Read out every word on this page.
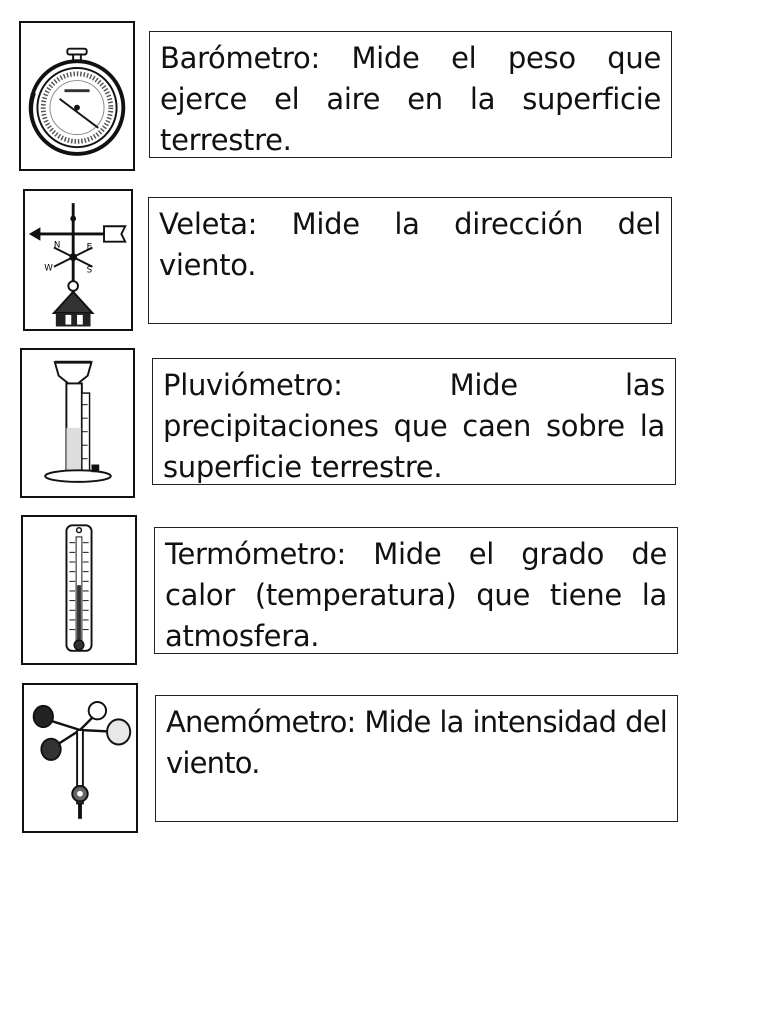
Barómetro: Mide el peso que ejerce el aire en la superficie terrestre.
N	E
W	S
Veleta: Mide la dirección del viento.
Pluviómetro: Mide las precipitaciones que caen sobre la superficie terrestre.
Termómetro: Mide el grado de calor (temperatura) que tiene la atmosfera.
Anemómetro: Mide la intensidad del viento.
